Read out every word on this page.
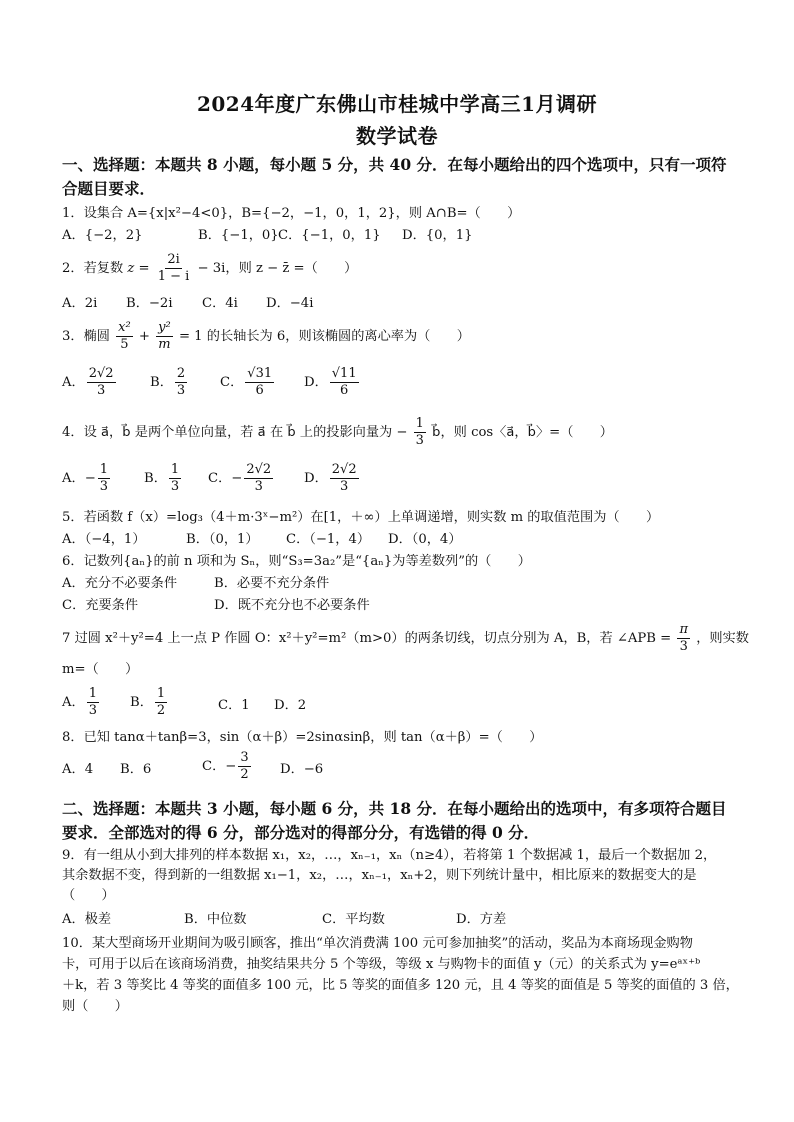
2024年度广东佛山市桂城中学高三1月调研
数学试卷
一、选择题：本题共 8 小题，每小题 5 分，共 40 分．在每小题给出的四个选项中，只有一项符
合题目要求．
1．设集合 A={x|x²−4<0}，B={−2，−1，0，1，2}，则 A∩B=（　　）
A．{−2，2}	B．{−1，0} C．{−1，0，1} D．{0，1}
2．若复数 $z = \frac{2i}{1 - i} - 3i$，则 z − z̄ =（　　）
A．2i B．−2i C．4i D．−4i
3．椭圆 $\frac{\text{x²}}{5} + \frac{\text{y²}}{m} = 1$ 的长轴长为 6，则该椭圆的离心率为（　　）
A． $\frac{2√2}{3}$	B． $\frac{2}{3}$ C． $\frac{√31}{6}$ D． $\frac{√11}{6}$
4．设 a⃗，b⃗ 是两个单位向量，若 a⃗ 在 b⃗ 上的投影向量为 − $\frac{1}{3}$ b⃗，则 cos〈a⃗，b⃗〉=（　　）
A．− $\frac{1}{3}$	B． $\frac{1}{3}$ C．− $\frac{2√2}{3}$ D． $\frac{2√2}{3}$
5．若函数 f（x）=log₃（4＋m·3ˣ−m²）在[1，＋∞）上单调递增，则实数 m 的取值范围为（　　）
A．（−4，1）	B．（0，1） C．（−1，4） D．（0，4）
6．记数列{aₙ}的前 n 项和为 Sₙ，则“S₃=3a₂”是“{aₙ}为等差数列”的（　　）
A．充分不必要条件	B．必要不充分条件
C．充要条件	D．既不充分也不必要条件
7 过圆 x²＋y²=4 上一点 P 作圆 O：x²＋y²=m²（m>0）的两条切线，切点分别为 A，B，若 ∠APB = $\frac{\pi}{3}$ ，则实数
m=（　　）
A． $\frac{1}{3}$ B． $\frac{1}{2}$	C．1 D．2
8．已知 tanα＋tanβ=3，sin（α＋β）=2sinαsinβ，则 tan（α＋β）=（　　）
A．4 B．6	C．− $\frac{3}{2}$ D．−6
二、选择题：本题共 3 小题，每小题 6 分，共 18 分．在每小题给出的选项中，有多项符合题目
要求．全部选对的得 6 分，部分选对的得部分分，有选错的得 0 分．
9．有一组从小到大排列的样本数据 x₁，x₂，…，xₙ₋₁，xₙ（n≥4），若将第 1 个数据减 1，最后一个数据加 2，
其余数据不变，得到新的一组数据 x₁−1，x₂，…，xₙ₋₁，xₙ+2，则下列统计量中，相比原来的数据变大的是
（　　）
A．极差	B．中位数	C．平均数	D．方差
10．某大型商场开业期间为吸引顾客，推出“单次消费满 100 元可参加抽奖”的活动，奖品为本商场现金购物
卡，可用于以后在该商场消费，抽奖结果共分 5 个等级，等级 x 与购物卡的面值 y（元）的关系式为 y=eᵃˣ⁺ᵇ
＋k，若 3 等奖比 4 等奖的面值多 100 元，比 5 等奖的面值多 120 元，且 4 等奖的面值是 5 等奖的面值的 3 倍，
则（　　）
